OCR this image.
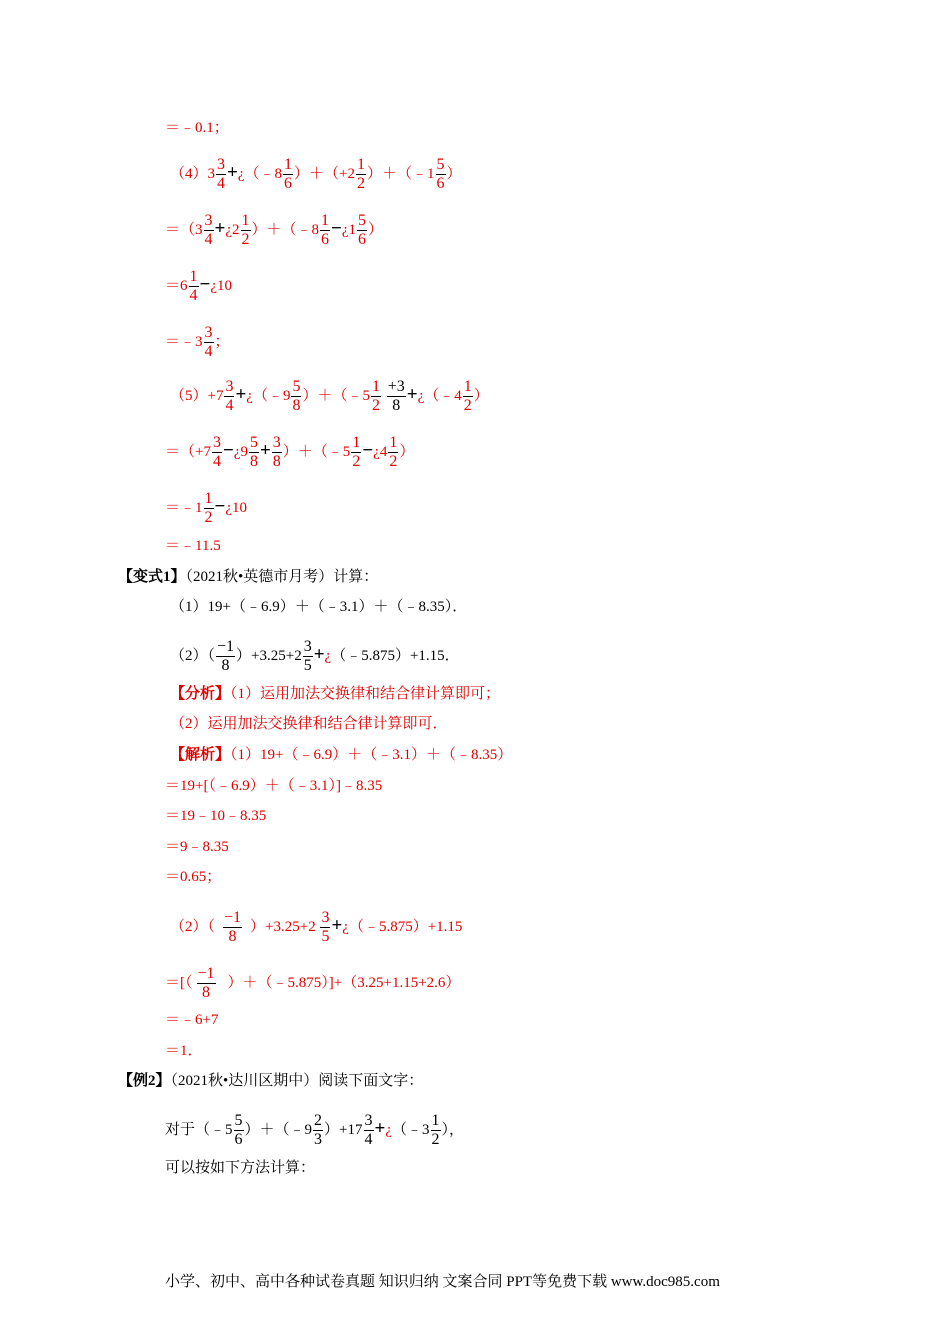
＝﹣0.1；
$(4)3 \frac{3}{4}$ +¿（﹣8 $\frac{1}{6} )+(+2 \frac{1}{2}$ ）＋（﹣1 $\frac{5}{6}$ ）
$=(3 \frac{3}{4}$ +¿2 $\frac{1}{2}$ ）＋（﹣8 $\frac{1}{6}$ −¿1 $\frac{5}{6}$ ）
$=6 \frac{1}{4}$ −¿10
＝﹣3 $\frac{3}{4}$ ；
$(5)+7 \frac{3}{4}$ +¿（﹣9 $\frac{5}{8}$ ）＋（﹣5 $\frac{1}{2}$
$\frac{+3}{8}$ +¿（﹣4 $\frac{1}{2}$ ）
$=(+7 \frac{3}{4}$ −¿9 $\frac{5}{8} + \frac{3}{8}$ ）＋（﹣5 $\frac{1}{2}$ −¿4 $\frac{1}{2}$ ）
＝﹣1 $\frac{1}{2}$ −¿10
＝﹣11.5
【变式1】（2021秋•英德市月考）计算：
（1）19+（﹣6.9）＋（﹣3.1）＋（﹣8.35）．
$(2)( \frac{-1}{8} )+3.25+2 \frac{3}{5}$ +¿（﹣5.875）+1.15．
【分析】（1）运用加法交换律和结合律计算即可；
（2）运用加法交换律和结合律计算即可．
【解析】（1）19+（﹣6.9）＋（﹣3.1）＋（﹣8.35）
＝19+[（﹣6.9）＋（﹣3.1）]﹣8.35
＝19﹣10﹣8.35
＝9﹣8.35
＝0.65；
$(2)( \frac{-1}{8} )+3.25+2 \frac{3}{5}$ +¿（﹣5.875）+1.15
＝[（ $\frac{-1}{8}$ ）＋（﹣5.875）]+（3.25+1.15+2.6）
＝﹣6+7
＝1．
【例2】（2021秋•达川区期中）阅读下面文字：
对于（﹣5 $\frac{5}{6}$ ）＋（﹣9 $\frac{2}{3} )+17 \frac{3}{4}$ +¿（﹣3 $\frac{1}{2}$ ），
可以按如下方法计算：
小学、初中、高中各种试卷真题 知识归纳 文案合同 PPT等免费下载 www.doc985.com
